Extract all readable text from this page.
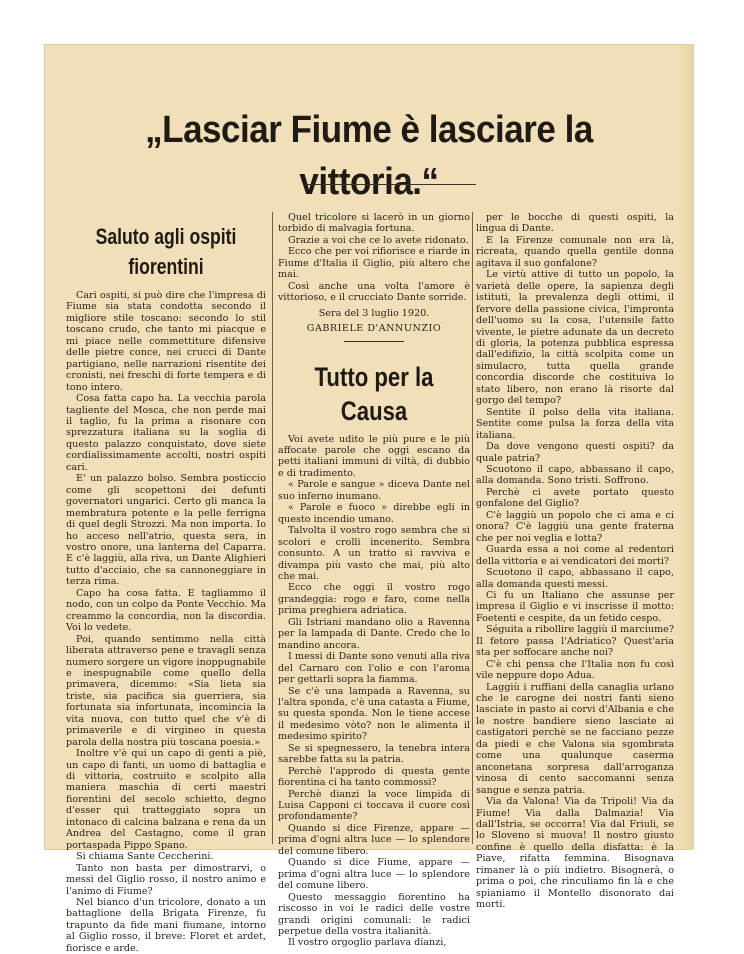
„Lasciar Fiume è lasciare la vittoria.“
Saluto agli ospiti fiorentini

Cari ospiti, si può dire che l'impresa di Fiume sia stata condotta secondo il migliore stile toscano: secondo lo stil toscano crudo, che tanto mi piacque e mi piace nelle commettiture difensive delle pietre conce, nei crucci di Dante partigiano, nelle narrazioni risentite dei cronisti, nei freschi di forte tempera e di tono intero.

Cosa fatta capo ha. La vecchia parola tagliente del Mosca, che non perde mai il taglio, fu la prima a risonare con sprezzatura italiana su la soglia di questo palazzo conquistato, dove siete cordialissimamente accolti, nostri ospiti cari.

E' un palazzo bolso. Sembra posticcio come gli scopettoni dei defunti governatori ungarici. Certo gli manca la membratura potente e la pelle ferrigna di quel degli Strozzi. Ma non importa. Io ho acceso nell'atrio, questa sera, in vostro onore, una lanterna del Caparra. E c'è laggiù, alla riva, un Dante Alighieri tutto d'acciaio, che sa cannoneggiare in terza rima.

Capo ha cosa fatta. E tagliammo il nodo, con un colpo da Ponte Vecchio. Ma creammo la concordia, non la discordia. Voi lo vedete.

Poi, quando sentimmo nella città liberata attraverso pene e travagli senza numero sorgere un vigore inoppugnabile e inespugnabile come quello della primavera, dicemmo: «Sia lieta sia triste, sia pacifica sia guerriera, sia fortunata sia infortunata, incomincia la vita nuova, con tutto quel che v'è di primaverile e di virgineo in questa parola della nostra più toscana poesia.»

Inoltre v'è qui un capo di genti a piè, un capo di fanti, un uomo di battaglia e di vittoria, costruito e scolpito alla maniera maschia di certi maestri fiorentini del secolo schietto, degno d'esser qui tratteggiato sopra un intonaco di calcina balzana e rena da un Andrea del Castagno, come il gran portaspada Pippo Spano.

Si chiama Sante Ceccherini.

Tanto non basta per dimostrarvi, o messi del Giglio rosso, il nostro animo e l'animo di Fiume?

Nel bianco d'un tricolore, donato a un battaglione della Brigata Firenze, fu trapunto da fide mani fiumane, intorno al Giglio rosso, il breve: Floret et ardet, fiorisce e arde.

Quel tricolore si lacerò in un giorno torbido di malvagia fortuna.

Grazie a voi che ce lo avete ridonato.

Ecco che per voi rifiorisce e riarde in Fiume d'Italia il Giglio, più altero che mai.

Così anche una volta l'amore è vittorioso, e il crucciato Dante sorride.

Sera del 3 luglio 1920.

GABRIELE D'ANNUNZIO

Tutto per la Causa

Voi avete udito le più pure e le più affocate parole che oggi escano da petti italiani immuni di viltà, di dubbio e di tradimento.

« Parole e sangue » diceva Dante nel suo inferno inumano.

« Parole e fuoco » direbbe egli in questo incendio umano.

Talvolta il vostro rogo sembra che si scolori e crolli incenerito. Sembra consunto. A un tratto si ravviva e divampa più vasto che mai, più alto che mai.

Ecco che oggi il vostro rogo grandeggia: rogo e faro, come nella prima preghiera adriatica.

Gli Istriani mandano olio a Ravenna per la lampada di Dante. Credo che lo mandino ancora.

I messi di Dante sono venuti alla riva del Carnaro con l'olio e con l'aroma per gettarli sopra la fiamma.

Se c'è una lampada a Ravenna, su l'altra sponda, c'è una catasta a Fiume, su questa sponda. Non le tiene accese il medesimo vòto? non le alimenta il medesimo spirito?

Se si spegnessero, la tenebra intera sarebbe fatta su la patria.

Perchè l'approdo di questa gente fiorentina ci ha tanto commossi?

Perchè dianzi la voce limpida di Luisa Capponi ci toccava il cuore così profondamente?

Quando si dice Firenze, appare — prima d'ogni altra luce — lo splendore del comune libero.

Quando si dice Fiume, appare — prima d'ogni altra luce — lo splendore del comune libero.

Questo messaggio fiorentino ha riscosso in voi le radici delle vostre grandi origini comunali: le radici perpetue della vostra italianità.

Il vostro orgoglio parlava dianzi,

per le bocche di questi ospiti, la lingua di Dante.

E la Firenze comunale non era là, ricreata, quando quella gentile donna agitava il suo gonfalone?

Le virtù attive di tutto un popolo, la varietà delle opere, la sapienza degli istituti, la prevalenza degli ottimi, il fervore della passione civica, l'impronta dell'uomo su la cosa, l'utensile fatto vivente, le pietre adunate da un decreto di gloria, la potenza pubblica espressa dall'edifizio, la città scolpita come un simulacro, tutta quella grande concordia discorde che costituiva lo stato libero, non erano là risorte dal gorgo del tempo?

Sentite il polso della vita italiana. Sentite come pulsa la forza della vita italiana.

Da dove vengono questi ospiti? da quale patria?

Scuotono il capo, abbassano il capo, alla domanda. Sono tristi. Soffrono.

Perchè ci avete portato questo gonfalone del Giglio?

C'è laggiù un popolo che ci ama e ci onora? C'è laggiù una gente fraterna che per noi veglia e lotta?

Guarda essa a noi come al redentori della vittoria e ai vendicatori dei morti?

Scuotono il capo, abbassano il capo, alla domanda questi messi.

Ci fu un Italiano che assunse per impresa il Giglio e vi inscrisse il motto: Foetenti e cespite, da un fetido cespo.

Séguita a ribollire laggiù il marciume? Il fetore passa l'Adriatico? Quest'aria sta per soffocare anche noi?

C'è chi pensa che l'Italia non fu così vile neppure dopo Adua.

Laggiù i ruffiani della canaglia urlano che le carogne dei nostri fanti sieno lasciate in pasto ai corvi d'Albania e che le nostre bandiere sieno lasciate ai castigatori perchè se ne facciano pezze da piedi e che Valona sia sgombrata come una qualunque caserma anconetana sorpresa dall'arroganza vinosa di cento saccomanni senza sangue e senza patria.

Via da Valona! Via da Tripoli! Via da Fiume! Via dalla Dalmazia! Via dall'Istria, se occorra! Via dal Friuli, se lo Sloveno si muova! Il nostro giusto confine è quello della disfatta: è la Piave, rifatta femmina. Bisognava rimaner là o più indietro. Bisognerà, o prima o poi, che rinculiamo fin là e che spianiamo il Montello disonorato dai morti.
